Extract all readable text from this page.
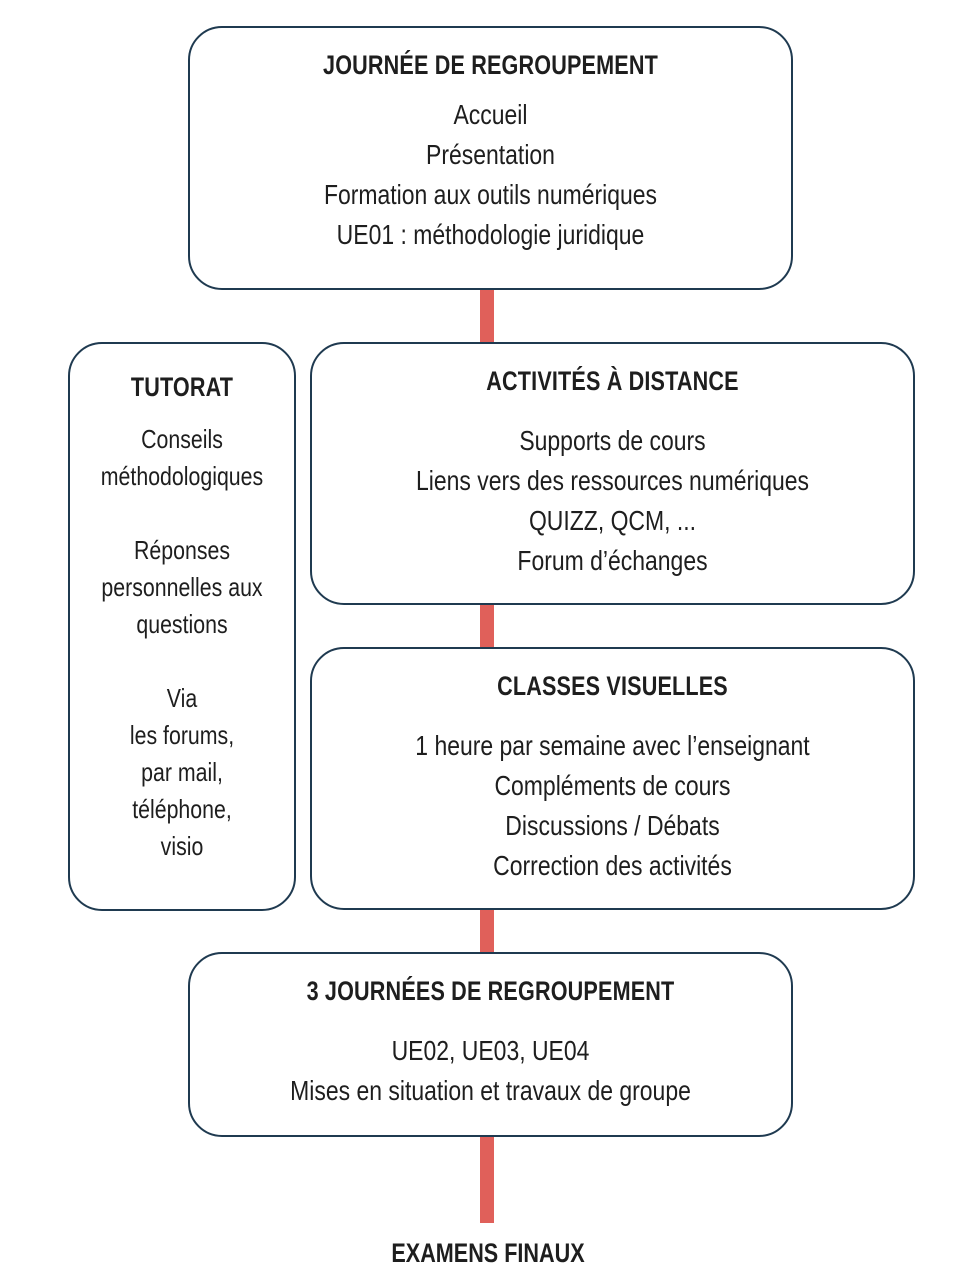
JOURNÉE DE REGROUPEMENT
Accueil
Présentation
Formation aux outils numériques
UE01 : méthodologie juridique
TUTORAT
Conseils
méthodologiques

Réponses
personnelles aux
questions

Via
les forums,
par mail,
téléphone,
visio
ACTIVITÉS À DISTANCE
Supports de cours
Liens vers des ressources numériques
QUIZZ, QCM, ...
Forum d’échanges
CLASSES VISUELLES
1 heure par semaine avec l’enseignant
Compléments de cours
Discussions / Débats
Correction des activités
3 JOURNÉES DE REGROUPEMENT
UE02, UE03, UE04
Mises en situation et travaux de groupe
EXAMENS FINAUX
